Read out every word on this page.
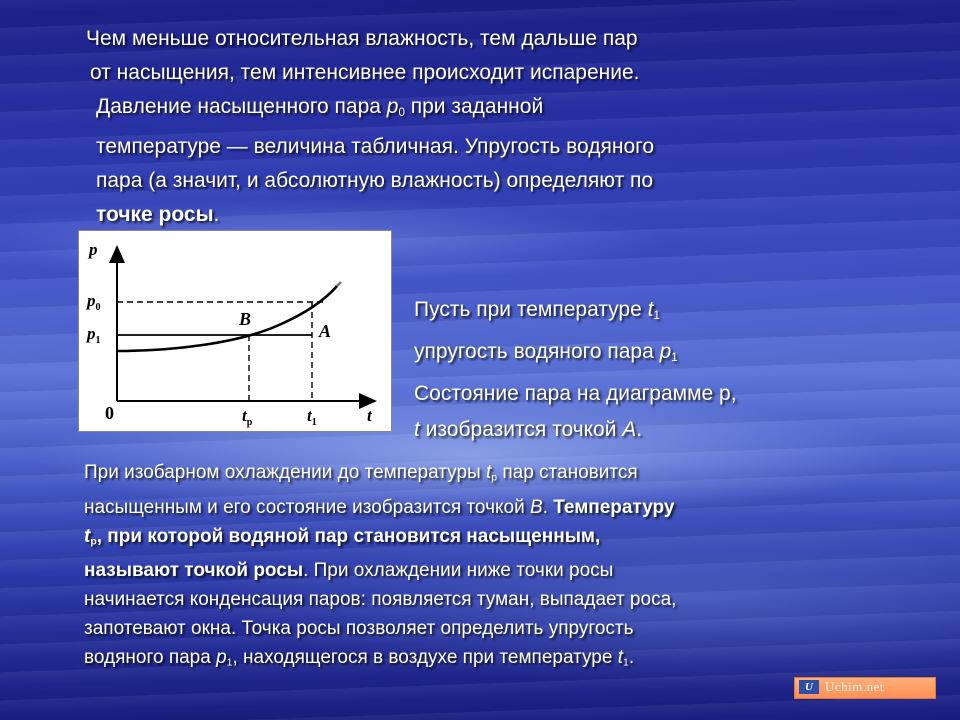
Чем меньше относительная влажность, тем дальше пар
от насыщения, тем интенсивнее происходит испарение.
Давление насыщенного пара $p_0$ при заданной
температуре — величина табличная. Упругость водяного
пара (а значит, и абсолютную влажность) определяют по
точке росы.
p
$p_0$
$p_1$
B
A
0	$t_р$	$t_1$	t
Пусть при температуре $t_1$
упругость водяного пара $p_1$
Состояние пара на диаграмме p,
t изобразится точкой A.
При изобарном охлаждении до температуры $t_р$ пар становится
насыщенным и его состояние изобразится точкой B. Температуру
$t_р$, при которой водяной пар становится насыщенным,
называют точкой росы. При охлаждении ниже точки росы
начинается конденсация паров: появляется туман, выпадает роса,
запотевают окна. Точка росы позволяет определить упругость
водяного пара $p_1$, находящегося в воздухе при температуре $t_1$.
U Uchim.net
